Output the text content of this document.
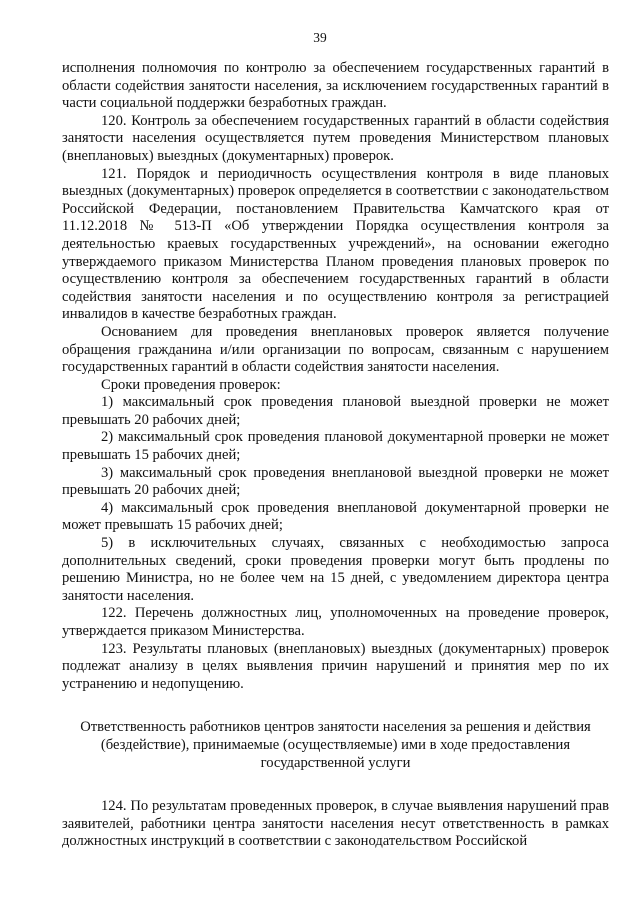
39

исполнения полномочия по контролю за обеспечением государственных гарантий в области содействия занятости населения, за исключением государственных гарантий в части социальной поддержки безработных граждан.

120. Контроль за обеспечением государственных гарантий в области содействия занятости населения осуществляется путем проведения Министерством плановых (внеплановых) выездных (документарных) проверок.

121. Порядок и периодичность осуществления контроля в виде плановых выездных (документарных) проверок определяется в соответствии с законодательством Российской Федерации, постановлением Правительства Камчатского края от 11.12.2018 № 513-П «Об утверждении Порядка осуществления контроля за деятельностью краевых государственных учреждений», на основании ежегодно утверждаемого приказом Министерства Планом проведения плановых проверок по осуществлению контроля за обеспечением государственных гарантий в области содействия занятости населения и по осуществлению контроля за регистрацией инвалидов в качестве безработных граждан.

Основанием для проведения внеплановых проверок является получение обращения гражданина и/или организации по вопросам, связанным с нарушением государственных гарантий в области содействия занятости населения.

Сроки проведения проверок:

1) максимальный срок проведения плановой выездной проверки не может превышать 20 рабочих дней;

2) максимальный срок проведения плановой документарной проверки не может превышать 15 рабочих дней;

3) максимальный срок проведения внеплановой выездной проверки не может превышать 20 рабочих дней;

4) максимальный срок проведения внеплановой документарной проверки не может превышать 15 рабочих дней;

5) в исключительных случаях, связанных с необходимостью запроса дополнительных сведений, сроки проведения проверки могут быть продлены по решению Министра, но не более чем на 15 дней, с уведомлением директора центра занятости населения.

122. Перечень должностных лиц, уполномоченных на проведение проверок, утверждается приказом Министерства.

123. Результаты плановых (внеплановых) выездных (документарных) проверок подлежат анализу в целях выявления причин нарушений и принятия мер по их устранению и недопущению.

Ответственность работников центров занятости населения за решения и действия (бездействие), принимаемые (осуществляемые) ими в ходе предоставления государственной услуги

124. По результатам проведенных проверок, в случае выявления нарушений прав заявителей, работники центра занятости населения несут ответственность в рамках должностных инструкций в соответствии с законодательством Российской
